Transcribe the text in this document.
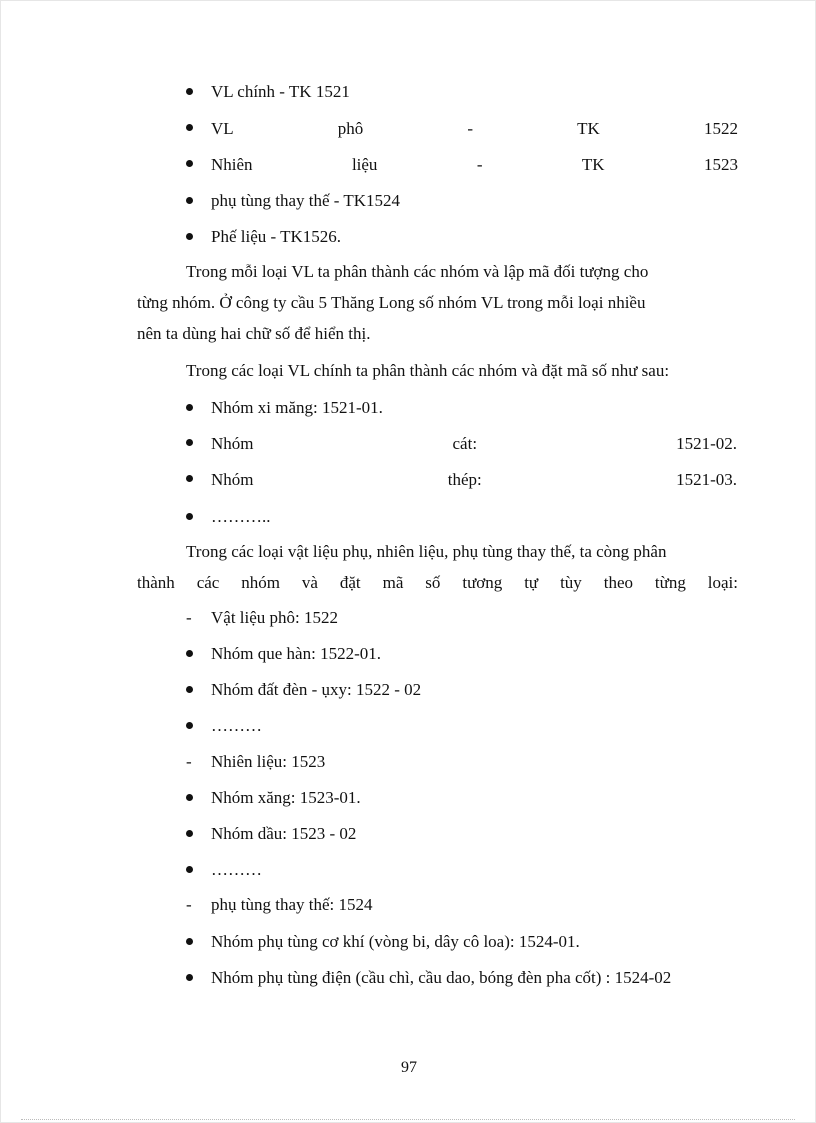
VL chính - TK 1521
VL	phô	-	TK	1522
Nhiên	liệu	-	TK	1523
phụ tùng thay thế - TK1524
Phế liệu - TK1526.
Trong mỗi loại VL ta phân thành các nhóm và lập mã đối tượng cho
từng nhóm. Ở công ty cầu 5 Thăng Long số nhóm VL trong mỗi loại nhiều
nên ta dùng hai chữ số để hiển thị.
Trong các loại VL chính ta phân thành các nhóm và đặt mã số như sau:
Nhóm xi măng: 1521-01.
Nhóm	cát:	1521-02.
Nhóm	thép:	1521-03.
………..
Trong các loại vật liệu phụ, nhiên liệu, phụ tùng thay thế, ta còng phân
thành các nhóm và đặt mã số tương tự tùy theo từng loại:
- Vật liệu phô: 1522
Nhóm que hàn: 1522-01.
Nhóm đất đèn - ụxy: 1522 - 02
………
- Nhiên liệu: 1523
Nhóm xăng: 1523-01.
Nhóm dầu: 1523 - 02
………
- phụ tùng thay thế: 1524
Nhóm phụ tùng cơ khí (vòng bi, dây cô loa): 1524-01.
Nhóm phụ tùng điện (cầu chì, cầu dao, bóng đèn pha cốt) : 1524-02
97
